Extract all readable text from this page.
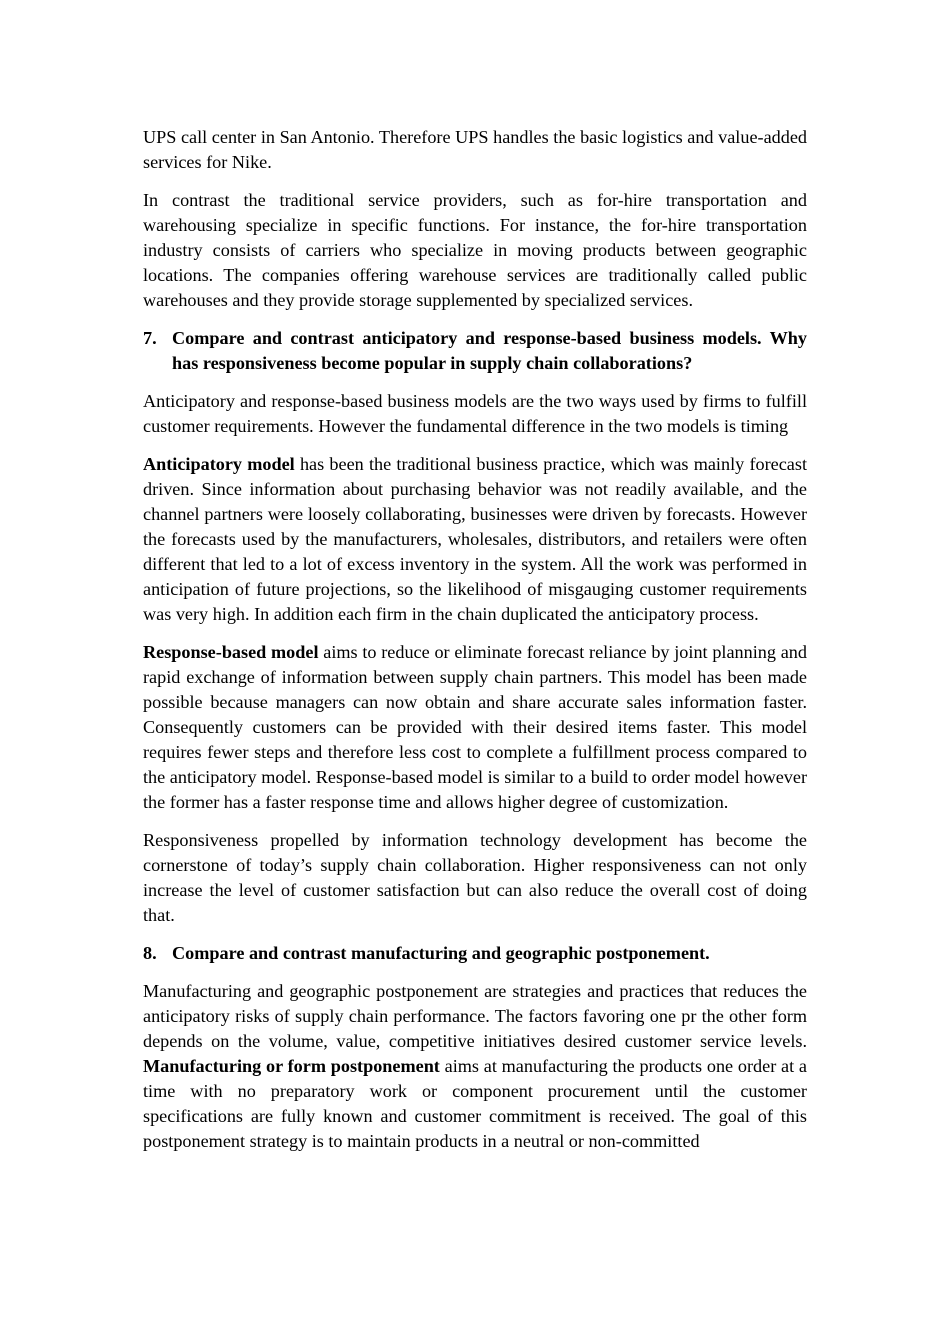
UPS call center in San Antonio. Therefore UPS handles the basic logistics and value-added services for Nike.

In contrast the traditional service providers, such as for-hire transportation and warehousing specialize in specific functions. For instance, the for-hire transportation industry consists of carriers who specialize in moving products between geographic locations. The companies offering warehouse services are traditionally called public warehouses and they provide storage supplemented by specialized services.

7. Compare and contrast anticipatory and response-based business models. Why has responsiveness become popular in supply chain collaborations?

Anticipatory and response-based business models are the two ways used by firms to fulfill customer requirements. However the fundamental difference in the two models is timing

Anticipatory model has been the traditional business practice, which was mainly forecast driven. Since information about purchasing behavior was not readily available, and the channel partners were loosely collaborating, businesses were driven by forecasts. However the forecasts used by the manufacturers, wholesales, distributors, and retailers were often different that led to a lot of excess inventory in the system. All the work was performed in anticipation of future projections, so the likelihood of misgauging customer requirements was very high. In addition each firm in the chain duplicated the anticipatory process.

Response-based model aims to reduce or eliminate forecast reliance by joint planning and rapid exchange of information between supply chain partners. This model has been made possible because managers can now obtain and share accurate sales information faster. Consequently customers can be provided with their desired items faster. This model requires fewer steps and therefore less cost to complete a fulfillment process compared to the anticipatory model. Response-based model is similar to a build to order model however the former has a faster response time and allows higher degree of customization.

Responsiveness propelled by information technology development has become the cornerstone of today’s supply chain collaboration. Higher responsiveness can not only increase the level of customer satisfaction but can also reduce the overall cost of doing that.

8. Compare and contrast manufacturing and geographic postponement.

Manufacturing and geographic postponement are strategies and practices that reduces the anticipatory risks of supply chain performance. The factors favoring one pr the other form depends on the volume, value, competitive initiatives desired customer service levels. Manufacturing or form postponement aims at manufacturing the products one order at a time with no preparatory work or component procurement until the customer specifications are fully known and customer commitment is received. The goal of this postponement strategy is to maintain products in a neutral or non-committed
